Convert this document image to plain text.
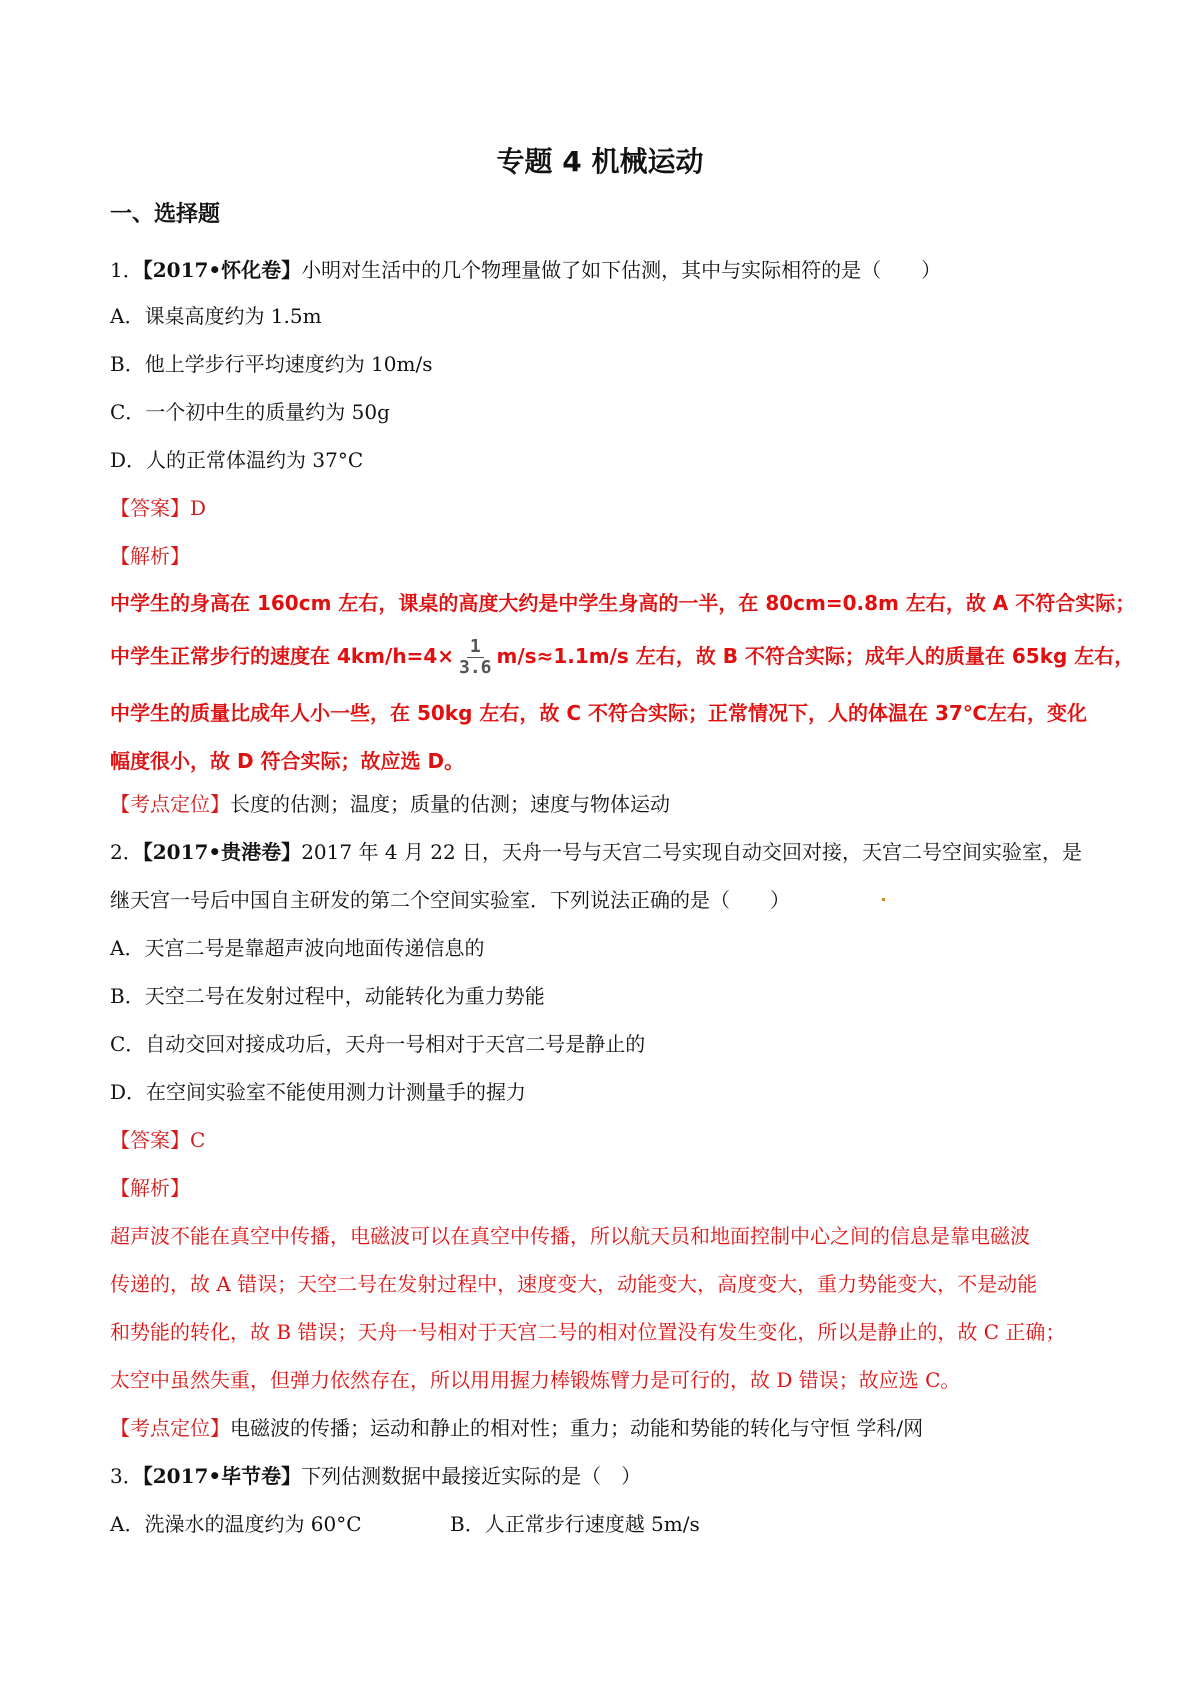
专题 4 机械运动
一、选择题
1．【2017•怀化卷】小明对生活中的几个物理量做了如下估测，其中与实际相符的是（　　）
A．课桌高度约为 1.5m
B．他上学步行平均速度约为 10m/s
C．一个初中生的质量约为 50g
D．人的正常体温约为 37°C
【答案】D
【解析】
中学生的身高在 160cm 左右，课桌的高度大约是中学生身高的一半，在 80cm=0.8m 左右，故 A 不符合实际；
中学生正常步行的速度在 $4km/h=4\times \frac{1}{3.6} m/s\approx 1.1m/s$ 左右，故 B 不符合实际；成年人的质量在 65kg 左右，
中学生的质量比成年人小一些，在 50kg 左右，故 C 不符合实际；正常情况下，人的体温在 37℃左右，变化
幅度很小，故 D 符合实际；故应选 D。
【考点定位】长度的估测；温度；质量的估测；速度与物体运动
2．【2017•贵港卷】2017 年 4 月 22 日，天舟一号与天宫二号实现自动交回对接，天宫二号空间实验室，是
继天宫一号后中国自主研发的第二个空间实验室．下列说法正确的是（　　）
A．天宫二号是靠超声波向地面传递信息的
B．天空二号在发射过程中，动能转化为重力势能
C．自动交回对接成功后，天舟一号相对于天宫二号是静止的
D．在空间实验室不能使用测力计测量手的握力
【答案】C
【解析】
超声波不能在真空中传播，电磁波可以在真空中传播，所以航天员和地面控制中心之间的信息是靠电磁波
传递的，故 A 错误；天空二号在发射过程中，速度变大，动能变大，高度变大，重力势能变大，不是动能
和势能的转化，故 B 错误；天舟一号相对于天宫二号的相对位置没有发生变化，所以是静止的，故 C 正确；
太空中虽然失重，但弹力依然存在，所以用用握力棒锻炼臂力是可行的，故 D 错误；故应选 C。
【考点定位】电磁波的传播；运动和静止的相对性；重力；动能和势能的转化与守恒 学科/网
3．【2017•毕节卷】下列估测数据中最接近实际的是（　）
A．洗澡水的温度约为 60°C	B．人正常步行速度越 5m/s
